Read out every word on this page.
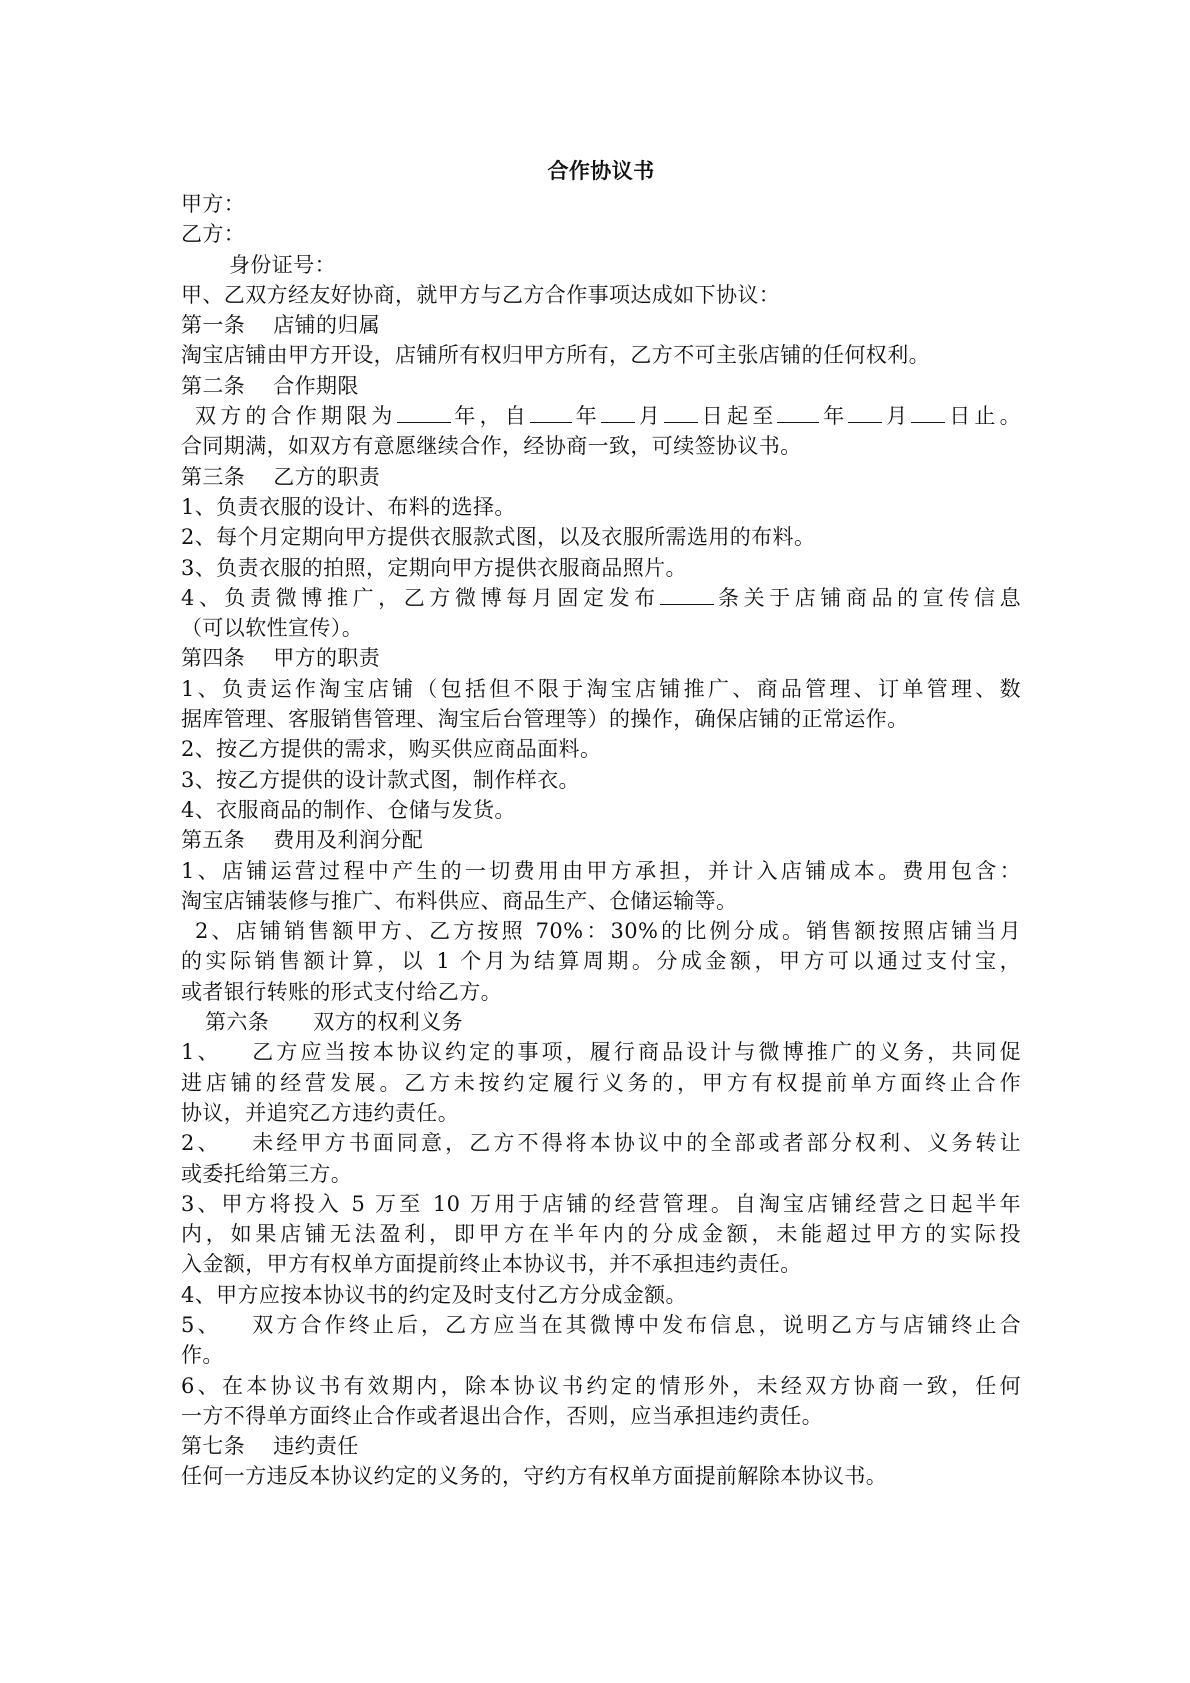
合作协议书
甲方：
乙方：
身份证号：
甲、乙双方经友好协商，就甲方与乙方合作事项达成如下协议：
第一条 店铺的归属
淘宝店铺由甲方开设，店铺所有权归甲方所有，乙方不可主张店铺的任何权利。
第二条 合作期限
双方的合作期限为	年，自 年 月 日起至 年 月 日止。
合同期满，如双方有意愿继续合作，经协商一致，可续签协议书。
第三条 乙方的职责
1、负责衣服的设计、布料的选择。
2、每个月定期向甲方提供衣服款式图，以及衣服所需选用的布料。
3、负责衣服的拍照，定期向甲方提供衣服商品照片。
4、负责微博推广，乙方微博每月固定发布	条关于店铺商品的宣传信息
（可以软性宣传）。
第四条 甲方的职责
1、负责运作淘宝店铺（包括但不限于淘宝店铺推广、商品管理、订单管理、数
据库管理、客服销售管理、淘宝后台管理等）的操作，确保店铺的正常运作。
2、按乙方提供的需求，购买供应商品面料。
3、按乙方提供的设计款式图，制作样衣。
4、衣服商品的制作、仓储与发货。
第五条 费用及利润分配
1、店铺运营过程中产生的一切费用由甲方承担，并计入店铺成本。费用包含：
淘宝店铺装修与推广、布料供应、商品生产、仓储运输等。
2、店铺销售额甲方、乙方按照 70%：30%的比例分成。销售额按照店铺当月
的实际销售额计算，以 1 个月为结算周期。分成金额，甲方可以通过支付宝，
或者银行转账的形式支付给乙方。
第六条 双方的权利义务
1、 乙方应当按本协议约定的事项，履行商品设计与微博推广的义务，共同促
进店铺的经营发展。乙方未按约定履行义务的，甲方有权提前单方面终止合作
协议，并追究乙方违约责任。
2、 未经甲方书面同意，乙方不得将本协议中的全部或者部分权利、义务转让
或委托给第三方。
3、甲方将投入 5 万至 10 万用于店铺的经营管理。自淘宝店铺经营之日起半年
内，如果店铺无法盈利，即甲方在半年内的分成金额，未能超过甲方的实际投
入金额，甲方有权单方面提前终止本协议书，并不承担违约责任。
4、甲方应按本协议书的约定及时支付乙方分成金额。
5、 双方合作终止后，乙方应当在其微博中发布信息，说明乙方与店铺终止合
作。
6、在本协议书有效期内，除本协议书约定的情形外，未经双方协商一致，任何
一方不得单方面终止合作或者退出合作，否则，应当承担违约责任。
第七条 违约责任
任何一方违反本协议约定的义务的，守约方有权单方面提前解除本协议书。
